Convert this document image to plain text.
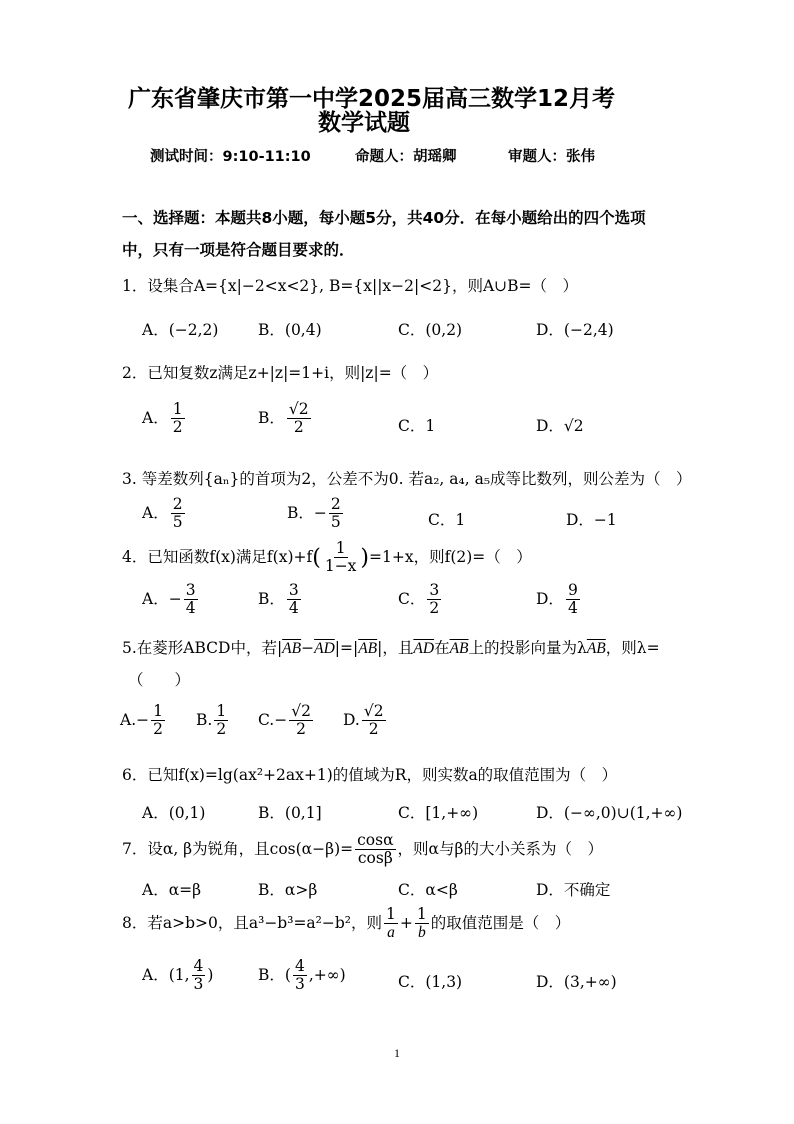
广东省肇庆市第一中学2025届高三数学12月考
数学试题
测试时间：9:10-11:10	命题人：胡瑶卿	审题人：张伟
一、选择题：本题共8小题，每小题5分，共40分．在每小题给出的四个选项
中，只有一项是符合题目要求的．
1．设集合A={x|−2<x<2}, B={x||x−2|<2}，则A∪B=（　）
A．(−2,2)	B．(0,4)	C．(0,2)	D．(−2,4)
2．已知复数z满足z+|z|=1+i，则|z|=（　）
A． $\frac{1}{2}$	B． $\frac{√2}{2}$	C．1	D．√2
3. 等差数列{aₙ}的首项为2，公差不为0. 若a₂, a₄, a₅成等比数列，则公差为（　）
A． $\frac{2}{5}$	B．− $\frac{2}{5}$	C．1	D．−1
4．已知函数f(x)满足$f(x)+f( \frac{1}{1-x} )=1+x$，则f(2)=（　）
A．− $\frac{3}{4}$	B． $\frac{3}{4}$	C． $\frac{3}{2}$	D． $\frac{9}{4}$
5.在菱形ABCD中，若$|\overline{AB}-\overline{AD}|=|\overline{AB}|$，且$\overline{AD}$在$\overline{AB}$上的投影向量为$\lambda\overline{AB}$，则λ=
（　　）
$A.- \frac{1}{2} B$. $\frac{1}{2} C.- \frac{√2}{2} D$. $\frac{√2}{2}$
6．已知f(x)=lg(ax²+2ax+1)的值域为R，则实数a的取值范围为（　）
A．(0,1)	B．(0,1]	C．[1,+∞)	D．(−∞,0)∪(1,+∞)
7．设α, β为锐角，且$\cos(\alpha-\beta)= \frac{\cos\alpha}{\cos\beta}$ ，则α与β的大小关系为（　）
A．α=β	B．α>β	C．α<β	D．不确定
8．若a>b>0，且a³−b³=a²−b²，则 $\frac{1}{a} + \frac{1}{b}$ 的取值范围是（　）
A．(1, $\frac{4}{3}$ )	B．( $\frac{4}{3}$ ,+∞)	C．(1,3)	D．(3,+∞)
1
